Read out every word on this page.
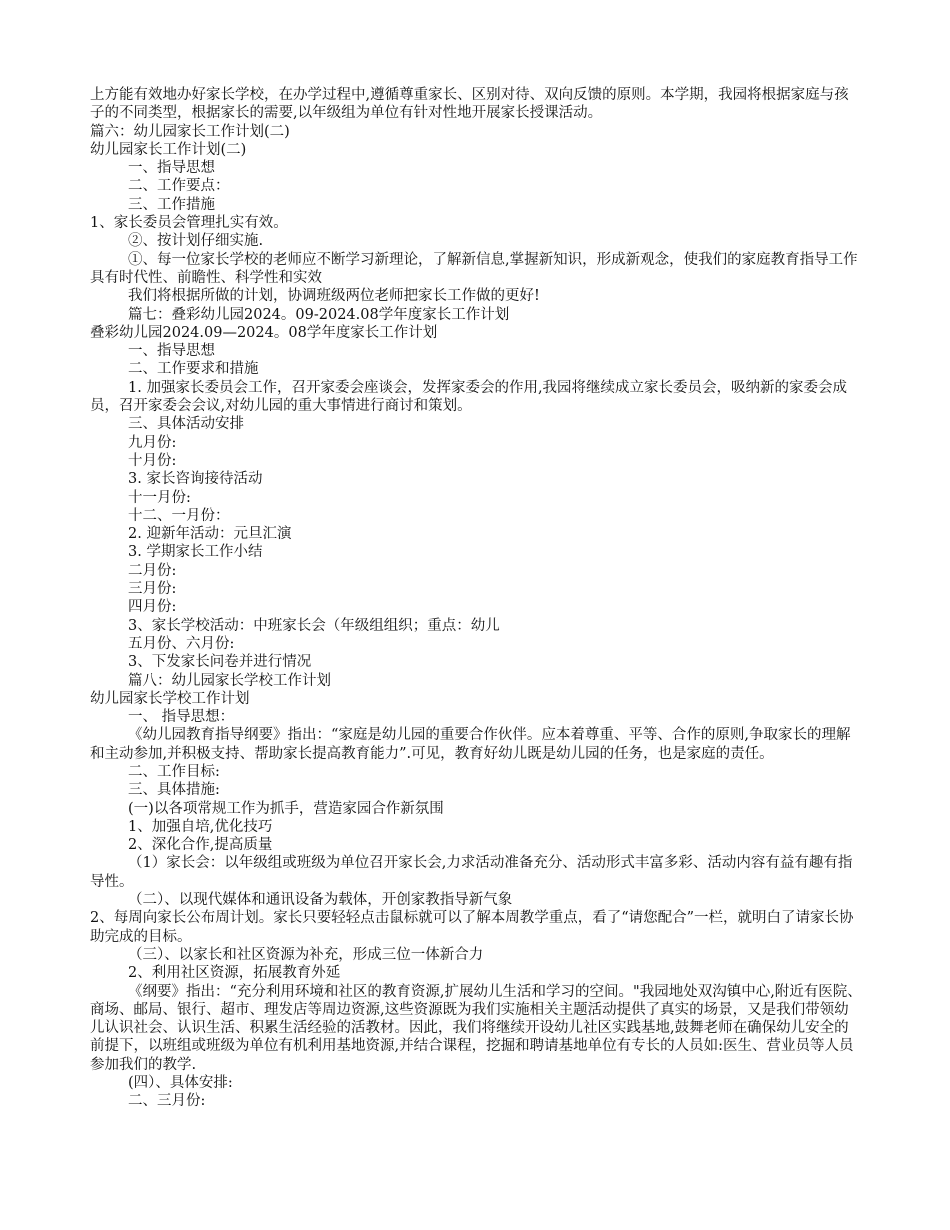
上方能有效地办好家长学校，在办学过程中,遵循尊重家长、区别对待、双向反馈的原则。本学期，我园将根据家庭与孩子的不同类型，根据家长的需要,以年级组为单位有针对性地开展家长授课活动。

篇六：幼儿园家长工作计划(二)

幼儿园家长工作计划(二)

一、指导思想

二、工作要点：

三、工作措施

1、家长委员会管理扎实有效。

②、按计划仔细实施.

①、每一位家长学校的老师应不断学习新理论，了解新信息,掌握新知识，形成新观念，使我们的家庭教育指导工作具有时代性、前瞻性、科学性和实效

我们将根据所做的计划，协调班级两位老师把家长工作做的更好!

篇七：叠彩幼儿园2024。09-2024.08学年度家长工作计划

叠彩幼儿园2024.09—2024。08学年度家长工作计划

一、指导思想

二、工作要求和措施

1. 加强家长委员会工作，召开家委会座谈会，发挥家委会的作用,我园将继续成立家长委员会，吸纳新的家委会成员，召开家委会会议,对幼儿园的重大事情进行商讨和策划。

三、具体活动安排

九月份:

十月份:

3. 家长咨询接待活动

十一月份:

十二、一月份：

2. 迎新年活动：元旦汇演

3. 学期家长工作小结

二月份:

三月份:

四月份:

3、家长学校活动：中班家长会（年级组组织；重点：幼儿

五月份、六月份:

3、下发家长问卷并进行情况

篇八：幼儿园家长学校工作计划

幼儿园家长学校工作计划

一、 指导思想：

《幼儿园教育指导纲要》指出：“家庭是幼儿园的重要合作伙伴。应本着尊重、平等、合作的原则,争取家长的理解和主动参加,并积极支持、帮助家长提高教育能力”.可见，教育好幼儿既是幼儿园的任务，也是家庭的责任。

二、工作目标:

三、具体措施:

(一)以各项常规工作为抓手，营造家园合作新氛围

1、加强自培,优化技巧

2、深化合作,提高质量

（1）家长会：以年级组或班级为单位召开家长会,力求活动准备充分、活动形式丰富多彩、活动内容有益有趣有指导性。

（二）、以现代媒体和通讯设备为载体，开创家教指导新气象

2、每周向家长公布周计划。家长只要轻轻点击鼠标就可以了解本周教学重点，看了“请您配合”一栏，就明白了请家长协助完成的目标。

（三）、以家长和社区资源为补充，形成三位一体新合力

2、利用社区资源，拓展教育外延

《纲要》指出：“充分利用环境和社区的教育资源,扩展幼儿生活和学习的空间。"我园地处双沟镇中心,附近有医院、商场、邮局、银行、超市、理发店等周边资源,这些资源既为我们实施相关主题活动提供了真实的场景，又是我们带领幼儿认识社会、认识生活、积累生活经验的活教材。因此，我们将继续开设幼儿社区实践基地,鼓舞老师在确保幼儿安全的前提下，以班组或班级为单位有机利用基地资源,并结合课程，挖掘和聘请基地单位有专长的人员如:医生、营业员等人员参加我们的教学.

(四）、具体安排:

二、三月份:
